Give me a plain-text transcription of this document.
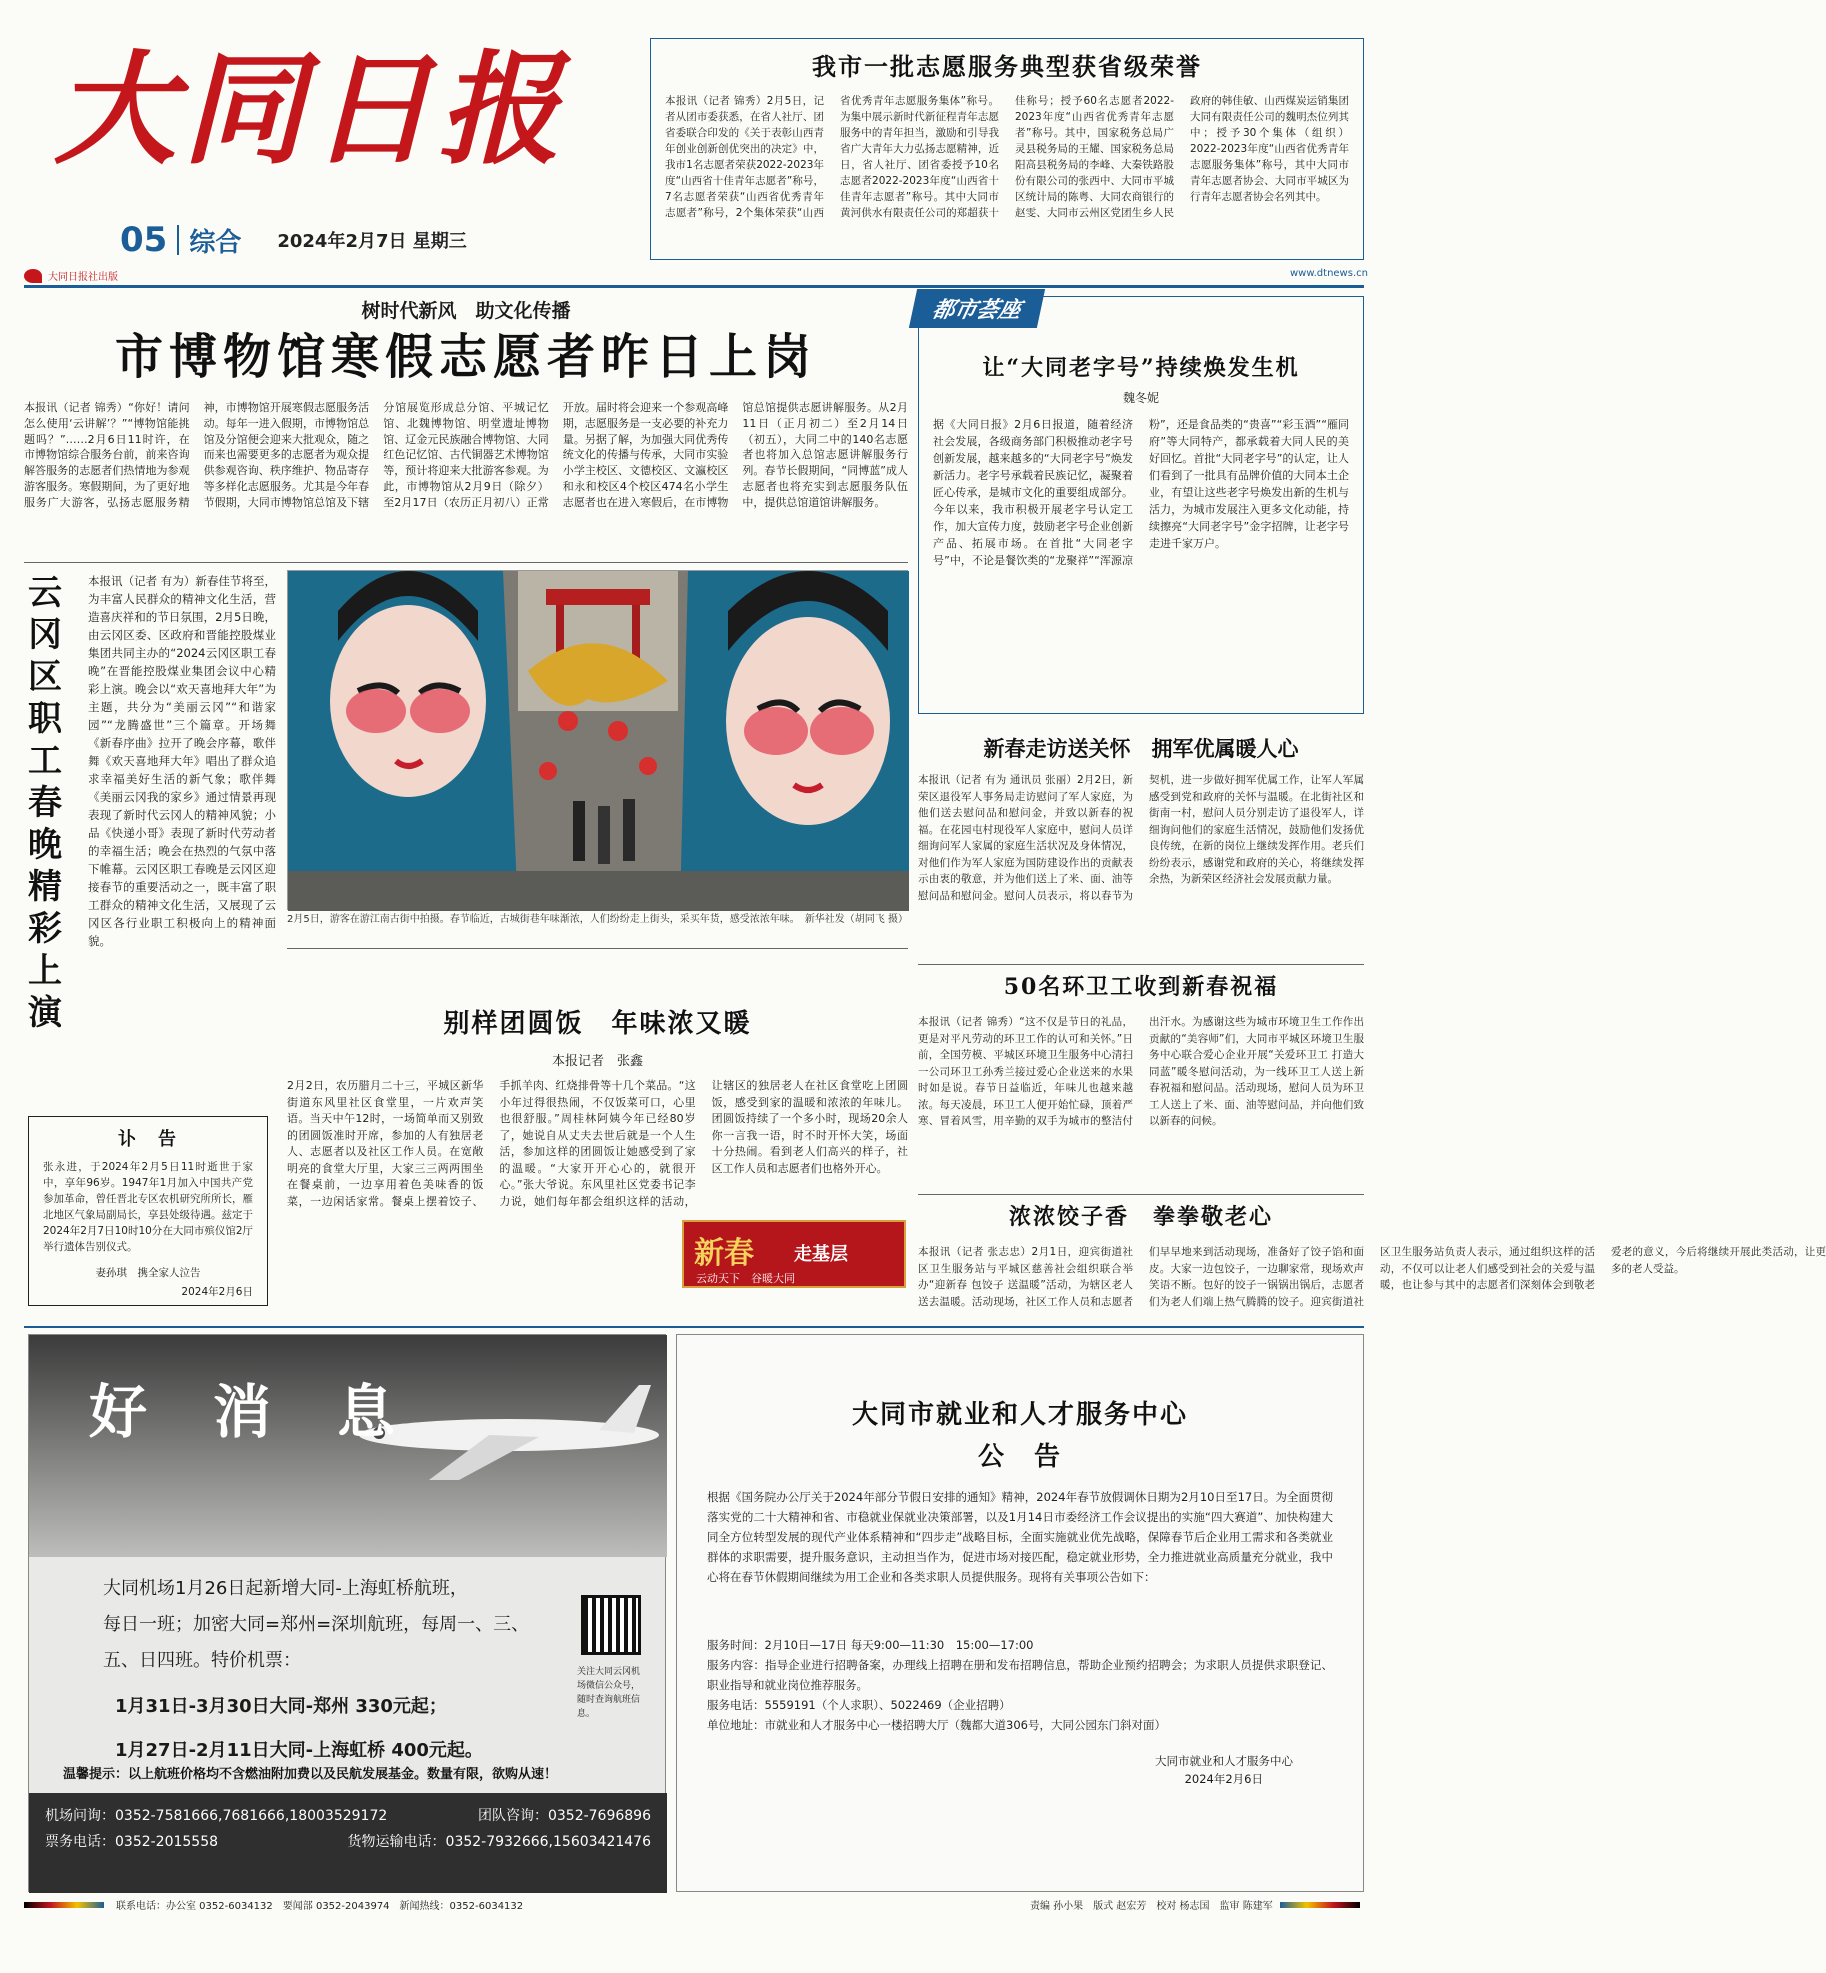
大同日报
05 综合 2024年2月7日 星期三
大同日报社出版	www.dtnews.cn
我市一批志愿服务典型获省级荣誉
本报讯（记者 锦秀）2月5日，记者从团市委获悉，在省人社厅、团省委联合印发的《关于表彰山西青年创业创新创优突出的决定》中，我市1名志愿者荣获2022-2023年度“山西省十佳青年志愿者”称号，7名志愿者荣获“山西省优秀青年志愿者”称号，2个集体荣获“山西省优秀青年志愿服务集体”称号。为集中展示新时代新征程青年志愿服务中的青年担当，激励和引导我省广大青年大力弘扬志愿精神，近日，省人社厅、团省委授予10名志愿者2022-2023年度“山西省十佳青年志愿者”称号。其中大同市黄河供水有限责任公司的郑超获十佳称号；授予60名志愿者2022-2023年度“山西省优秀青年志愿者”称号。其中，国家税务总局广灵县税务局的王耀、国家税务总局阳高县税务局的李峰、大秦铁路股份有限公司的张西中、大同市平城区统计局的陈粤、大同农商银行的赵雯、大同市云州区党团生乡人民政府的韩佳敏、山西煤炭运销集团大同有限责任公司的魏明杰位列其中；授予30个集体（组织）2022-2023年度“山西省优秀青年志愿服务集体”称号，其中大同市青年志愿者协会、大同市平城区为行青年志愿者协会名列其中。
树时代新风　助文化传播
市博物馆寒假志愿者昨日上岗
本报讯（记者 锦秀）“你好！请问怎么使用‘云讲解’？”“博物馆能挑题吗？”……2月6日11时许，在市博物馆综合服务台前，前来咨询解答服务的志愿者们热情地为参观游客服务。寒假期间，为了更好地服务广大游客，弘扬志愿服务精神，市博物馆开展寒假志愿服务活动。每年一进入假期，市博物馆总馆及分馆便会迎来大批观众，随之而来也需要更多的志愿者为观众提供参观咨询、秩序维护、物品寄存等多样化志愿服务。尤其是今年春节假期，大同市博物馆总馆及下辖分馆展览形成总分馆、平城记忆馆、北魏博物馆、明堂遗址博物馆、辽金元民族融合博物馆、大同红色记忆馆、古代铜器艺术博物馆等，预计将迎来大批游客参观。为此，市博物馆从2月9日（除夕）至2月17日（农历正月初八）正常开放。届时将会迎来一个参观高峰期，志愿服务是一支必要的补充力量。另据了解，为加强大同优秀传统文化的传播与传承，大同市实验小学主校区、文德校区、文瀛校区和永和校区4个校区474名小学生志愿者也在进入寒假后，在市博物馆总馆提供志愿讲解服务。从2月11日（正月初二）至2月14日（初五），大同二中的140名志愿者也将加入总馆志愿讲解服务行列。春节长假期间，“同博蓝”成人志愿者也将充实到志愿服务队伍中，提供总馆道馆讲解服务。
云冈区职工春晚精彩上演
本报讯（记者 有为）新春佳节将至，为丰富人民群众的精神文化生活，营造喜庆祥和的节日氛围，2月5日晚，由云冈区委、区政府和晋能控股煤业集团共同主办的“2024云冈区职工春晚”在晋能控股煤业集团会议中心精彩上演。晚会以“欢天喜地拜大年”为主题，共分为“美丽云冈”“和谐家园”“龙腾盛世”三个篇章。开场舞《新春序曲》拉开了晚会序幕，歌伴舞《欢天喜地拜大年》唱出了群众追求幸福美好生活的新气象；歌伴舞《美丽云冈我的家乡》通过情景再现表现了新时代云冈人的精神风貌；小品《快递小哥》表现了新时代劳动者的幸福生活；晚会在热烈的气氛中落下帷幕。云冈区职工春晚是云冈区迎接春节的重要活动之一，既丰富了职工群众的精神文化生活，又展现了云冈区各行业职工积极向上的精神面貌。
2月5日，游客在游江南古街中拍摄。春节临近，古城街巷年味渐浓，人们纷纷走上街头，采买年货，感受浓浓年味。 新华社发（胡同飞 摄）
别样团圆饭　年味浓又暖
本报记者　张鑫
2月2日，农历腊月二十三，平城区新华街道东风里社区食堂里，一片欢声笑语。当天中午12时，一场简单而又别致的团圆饭准时开席，参加的人有独居老人、志愿者以及社区工作人员。在宽敞明亮的食堂大厅里，大家三三两两围坐在餐桌前，一边享用着色美味香的饭菜，一边闲话家常。餐桌上摆着饺子、手抓羊肉、红烧排骨等十几个菜品。“这小年过得很热闹，不仅饭菜可口，心里也很舒服。”周桂林阿姨今年已经80岁了，她说自从丈夫去世后就是一个人生活，参加这样的团圆饭让她感受到了家的温暖。“大家开开心心的，就很开心。”张大爷说。东风里社区党委书记李力说，她们每年都会组织这样的活动，让辖区的独居老人在社区食堂吃上团圆饭，感受到家的温暖和浓浓的年味儿。团圆饭持续了一个多小时，现场20余人你一言我一语，时不时开怀大笑，场面十分热闹。看到老人们高兴的样子，社区工作人员和志愿者们也格外开心。
新春 走基层
云动天下　谷暖大同
讣　告
张永进，于2024年2月5日11时逝世于家中，享年96岁。1947年1月加入中国共产党参加革命，曾任晋北专区农机研究所所长，雁北地区气象局副局长，享县处级待遇。兹定于2024年2月7日10时10分在大同市殡仪馆2厅举行遗体告别仪式。
妻孙琪　携全家人泣告
2024年2月6日
都市荟座
让“大同老字号”持续焕发生机
魏冬妮
据《大同日报》2月6日报道，随着经济社会发展，各级商务部门积极推动老字号创新发展，越来越多的“大同老字号”焕发新活力。老字号承载着民族记忆，凝聚着匠心传承，是城市文化的重要组成部分。今年以来，我市积极开展老字号认定工作，加大宣传力度，鼓励老字号企业创新产品、拓展市场。在首批“大同老字号”中，不论是餐饮类的“龙聚祥”“浑源凉粉”，还是食品类的“贵喜”“彩玉酒”“雁同府”等大同特产，都承载着大同人民的美好回忆。首批“大同老字号”的认定，让人们看到了一批具有品牌价值的大同本土企业，有望让这些老字号焕发出新的生机与活力，为城市发展注入更多文化动能，持续擦亮“大同老字号”金字招牌，让老字号走进千家万户。
新春走访送关怀　拥军优属暖人心
本报讯（记者 有为 通讯员 张丽）2月2日，新荣区退役军人事务局走访慰问了军人家庭，为他们送去慰问品和慰问金，并致以新春的祝福。在花园屯村现役军人家庭中，慰问人员详细询问军人家属的家庭生活状况及身体情况，对他们作为军人家庭为国防建设作出的贡献表示由衷的敬意，并为他们送上了米、面、油等慰问品和慰问金。慰问人员表示，将以春节为契机，进一步做好拥军优属工作，让军人军属感受到党和政府的关怀与温暖。在北街社区和街南一村，慰问人员分别走访了退役军人，详细询问他们的家庭生活情况，鼓励他们发扬优良传统，在新的岗位上继续发挥作用。老兵们纷纷表示，感谢党和政府的关心，将继续发挥余热，为新荣区经济社会发展贡献力量。
50名环卫工收到新春祝福
本报讯（记者 锦秀）“这不仅是节日的礼品，更是对平凡劳动的环卫工作的认可和关怀。”日前，全国劳模、平城区环境卫生服务中心清扫一公司环卫工孙秀兰接过爱心企业送来的水果时如是说。春节日益临近，年味儿也越来越浓。每天凌晨，环卫工人便开始忙碌，顶着严寒、冒着风雪，用辛勤的双手为城市的整洁付出汗水。为感谢这些为城市环境卫生工作作出贡献的“美容师”们，大同市平城区环境卫生服务中心联合爱心企业开展“关爱环卫工 打造大同蓝”暖冬慰问活动，为一线环卫工人送上新春祝福和慰问品。活动现场，慰问人员为环卫工人送上了米、面、油等慰问品，并向他们致以新春的问候。
浓浓饺子香　拳拳敬老心
本报讯（记者 张志忠）2月1日，迎宾街道社区卫生服务站与平城区慈善社会组织联合举办“迎新春 包饺子 送温暖”活动，为辖区老人送去温暖。活动现场，社区工作人员和志愿者们早早地来到活动现场，准备好了饺子馅和面皮。大家一边包饺子，一边聊家常，现场欢声笑语不断。包好的饺子一锅锅出锅后，志愿者们为老人们端上热气腾腾的饺子。迎宾街道社区卫生服务站负责人表示，通过组织这样的活动，不仅可以让老人们感受到社会的关爱与温暖，也让参与其中的志愿者们深刻体会到敬老爱老的意义，今后将继续开展此类活动，让更多的老人受益。
好　消　息
大同机场1月26日起新增大同-上海虹桥航班，
每日一班；加密大同=郑州=深圳航班，每周一、三、
五、日四班。特价机票：
1月31日-3月30日大同-郑州 330元起；
1月27日-2月11日大同-上海虹桥 400元起。
关注大同云冈机场微信公众号，随时查询航班信息。
温馨提示：以上航班价格均不含燃油附加费以及民航发展基金。数量有限，欲购从速！
机场问询：0352-7581666,7681666,18003529172	团队咨询：0352-7696896
票务电话：0352-2015558	货物运输电话：0352-7932666,15603421476
大同市就业和人才服务中心
公　告
根据《国务院办公厅关于2024年部分节假日安排的通知》精神，2024年春节放假调休日期为2月10日至17日。为全面贯彻落实党的二十大精神和省、市稳就业保就业决策部署，以及1月14日市委经济工作会议提出的实施“四大赛道”、加快构建大同全方位转型发展的现代产业体系精神和“四步走”战略目标，全面实施就业优先战略，保障春节后企业用工需求和各类就业群体的求职需要，提升服务意识，主动担当作为，促进市场对接匹配，稳定就业形势，全力推进就业高质量充分就业，我中心将在春节休假期间继续为用工企业和各类求职人员提供服务。现将有关事项公告如下：
服务时间：2月10日—17日 每天9:00—11:30　15:00—17:00
服务内容：指导企业进行招聘备案，办理线上招聘在册和发布招聘信息，帮助企业预约招聘会；为求职人员提供求职登记、职业指导和就业岗位推荐服务。
服务电话：5559191（个人求职）、5022469（企业招聘）
单位地址：市就业和人才服务中心一楼招聘大厅（魏都大道306号，大同公园东门斜对面）
大同市就业和人才服务中心
2024年2月6日
联系电话：办公室 0352-6034132　要闻部 0352-2043974　新闻热线：0352-6034132	责编 孙小果　版式 赵宏芳　校对 杨志国　监审 陈建军
